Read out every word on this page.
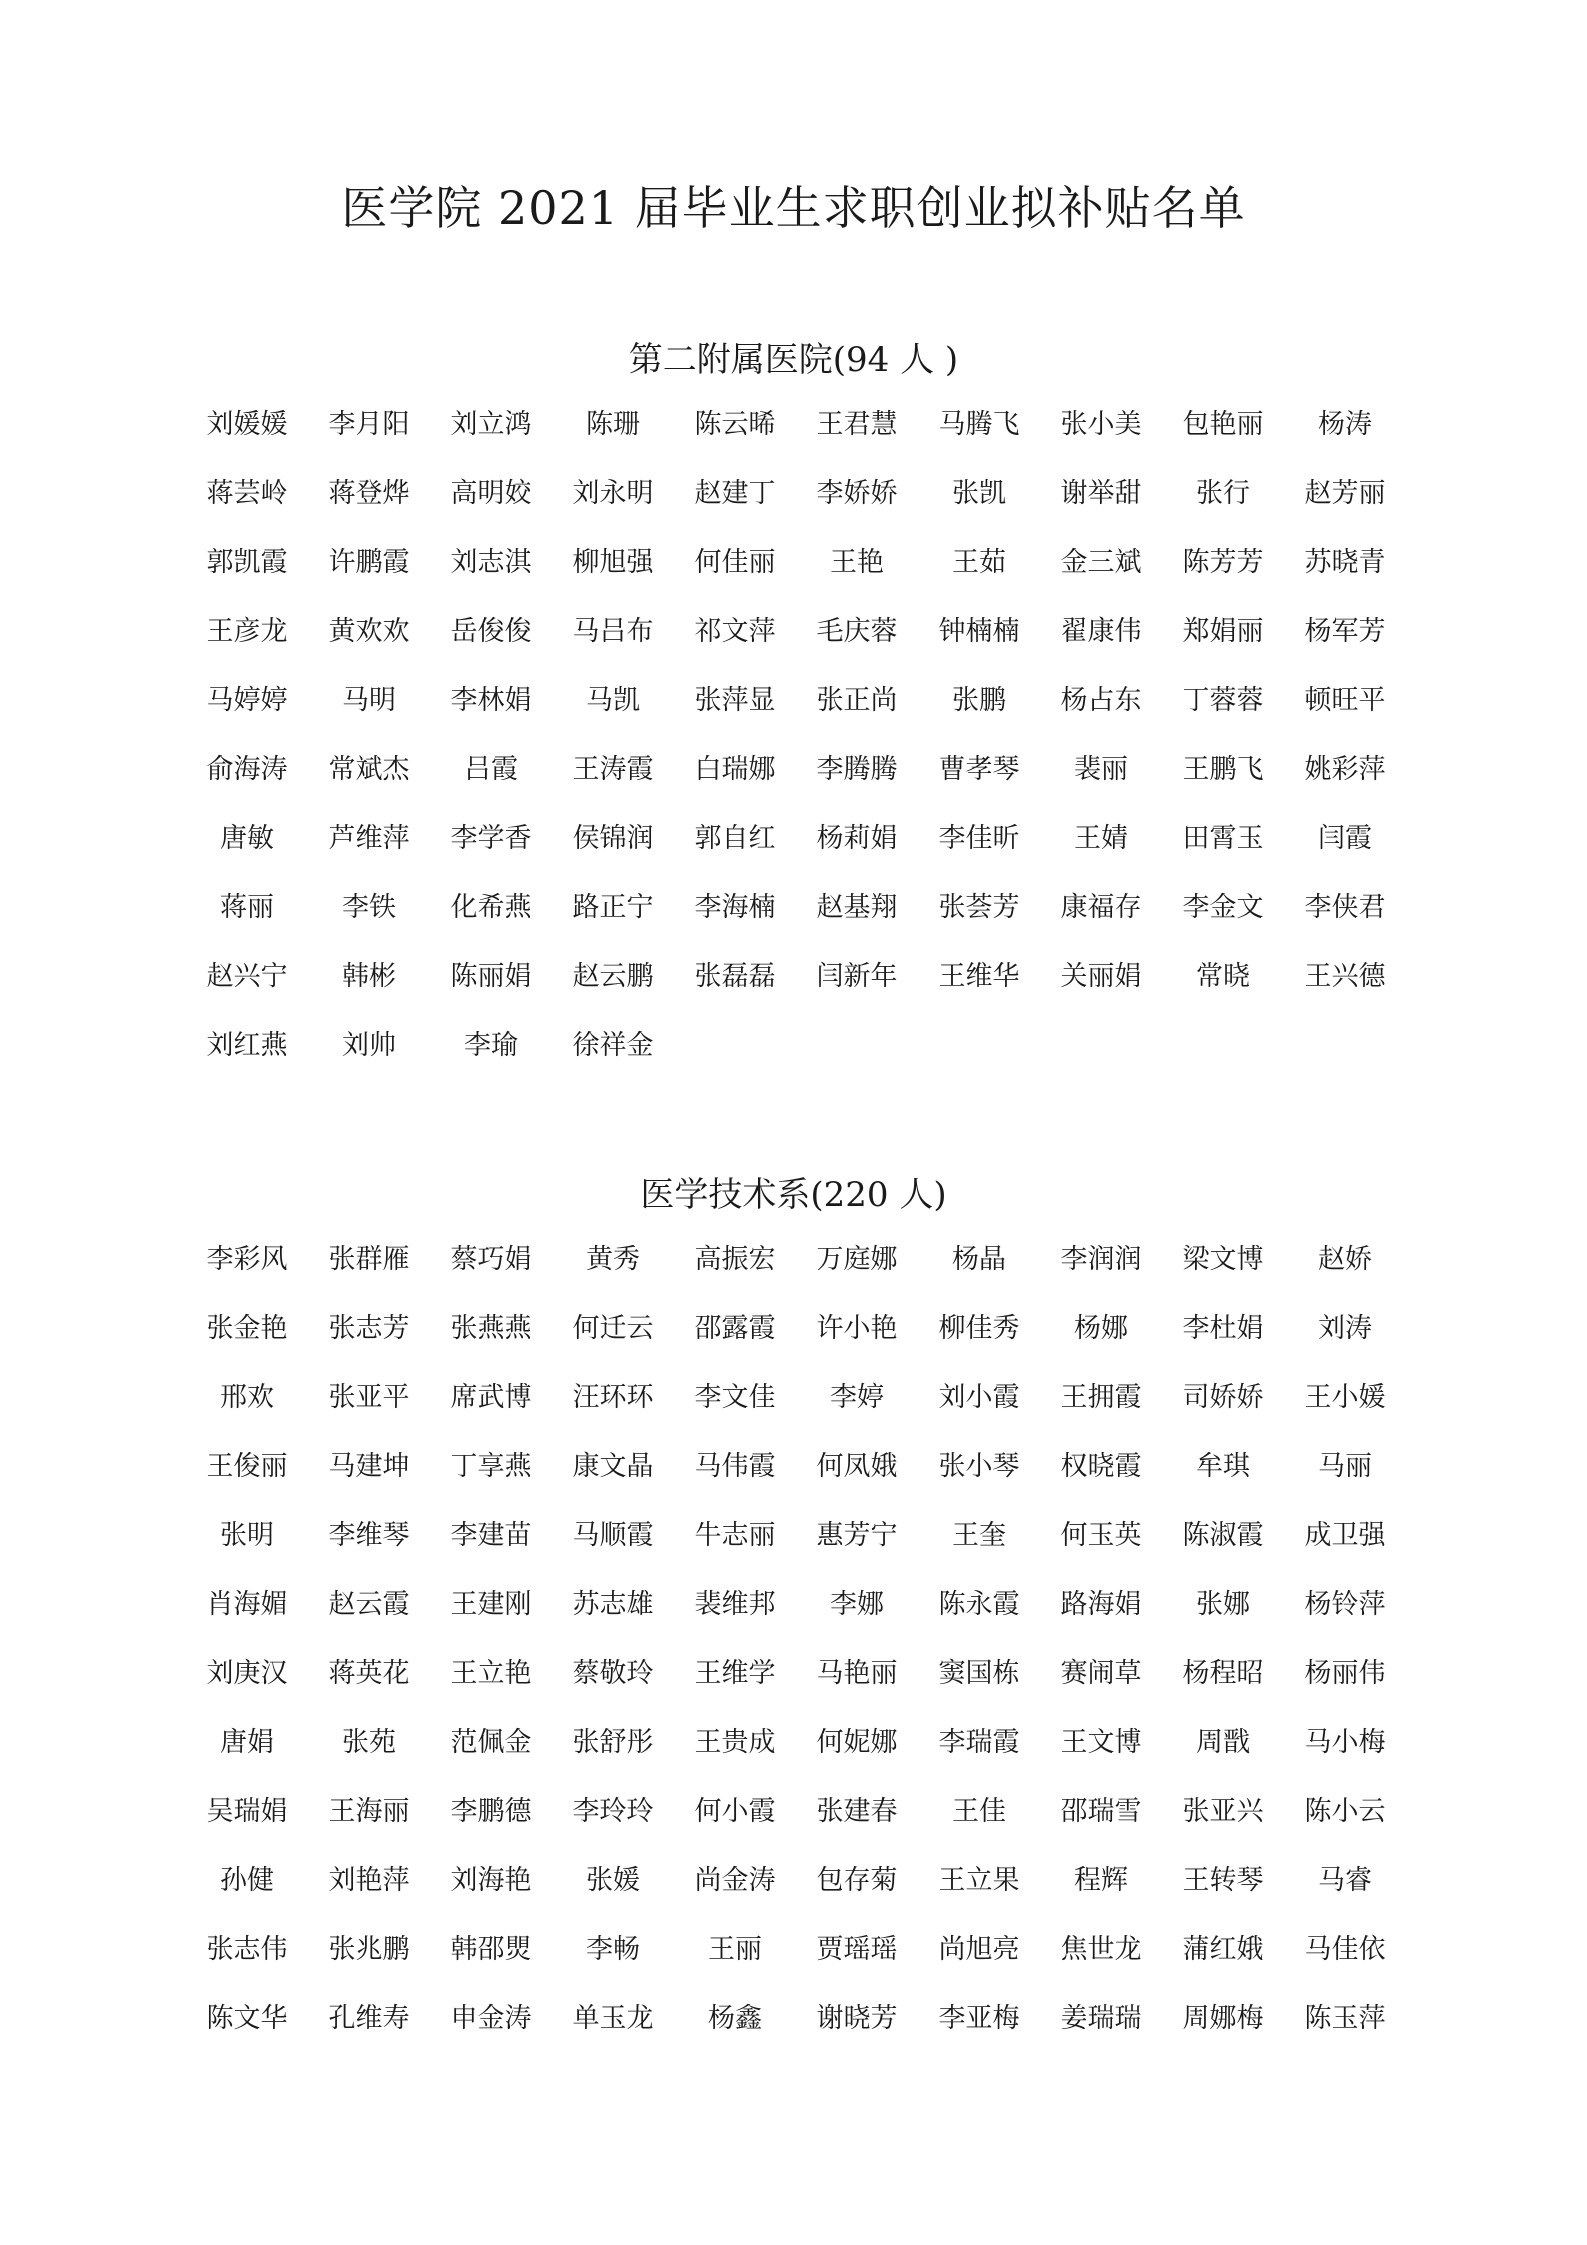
医学院 2021 届毕业生求职创业拟补贴名单
第二附属医院(94 人 )
刘媛媛	李月阳	刘立鸿	陈珊	陈云晞	王君慧	马腾飞	张小美	包艳丽	杨涛
蒋芸岭	蒋登烨	高明姣	刘永明	赵建丁	李娇娇	张凯	谢举甜	张行	赵芳丽
郭凯霞	许鹏霞	刘志淇	柳旭强	何佳丽	王艳	王茹	金三斌	陈芳芳	苏晓青
王彦龙	黄欢欢	岳俊俊	马吕布	祁文萍	毛庆蓉	钟楠楠	翟康伟	郑娟丽	杨军芳
马婷婷	马明	李林娟	马凯	张萍显	张正尚	张鹏	杨占东	丁蓉蓉	顿旺平
俞海涛	常斌杰	吕霞	王涛霞	白瑞娜	李腾腾	曹孝琴	裴丽	王鹏飞	姚彩萍
唐敏	芦维萍	李学香	侯锦润	郭自红	杨莉娟	李佳昕	王婧	田霄玉	闫霞
蒋丽	李铁	化希燕	路正宁	李海楠	赵基翔	张荟芳	康福存	李金文	李侠君
赵兴宁	韩彬	陈丽娟	赵云鹏	张磊磊	闫新年	王维华	关丽娟	常晓	王兴德
刘红燕	刘帅	李瑜	徐祥金
医学技术系(220 人)
李彩风	张群雁	蔡巧娟	黄秀	高振宏	万庭娜	杨晶	李润润	梁文博	赵娇
张金艳	张志芳	张燕燕	何迁云	邵露霞	许小艳	柳佳秀	杨娜	李杜娟	刘涛
邢欢	张亚平	席武博	汪环环	李文佳	李婷	刘小霞	王拥霞	司娇娇	王小媛
王俊丽	马建坤	丁享燕	康文晶	马伟霞	何凤娥	张小琴	权晓霞	牟琪	马丽
张明	李维琴	李建苗	马顺霞	牛志丽	惠芳宁	王奎	何玉英	陈淑霞	成卫强
肖海媚	赵云霞	王建刚	苏志雄	裴维邦	李娜	陈永霞	路海娟	张娜	杨铃萍
刘庚汉	蒋英花	王立艳	蔡敬玲	王维学	马艳丽	窦国栋	赛闹草	杨程昭	杨丽伟
唐娟	张苑	范佩金	张舒彤	王贵成	何妮娜	李瑞霞	王文博	周戬	马小梅
吴瑞娟	王海丽	李鹏德	李玲玲	何小霞	张建春	王佳	邵瑞雪	张亚兴	陈小云
孙健	刘艳萍	刘海艳	张媛	尚金涛	包存菊	王立果	程辉	王转琴	马睿
张志伟	张兆鹏	韩邵煛	李畅	王丽	贾瑶瑶	尚旭亮	焦世龙	蒲红娥	马佳依
陈文华	孔维寿	申金涛	单玉龙	杨鑫	谢晓芳	李亚梅	姜瑞瑞	周娜梅	陈玉萍
